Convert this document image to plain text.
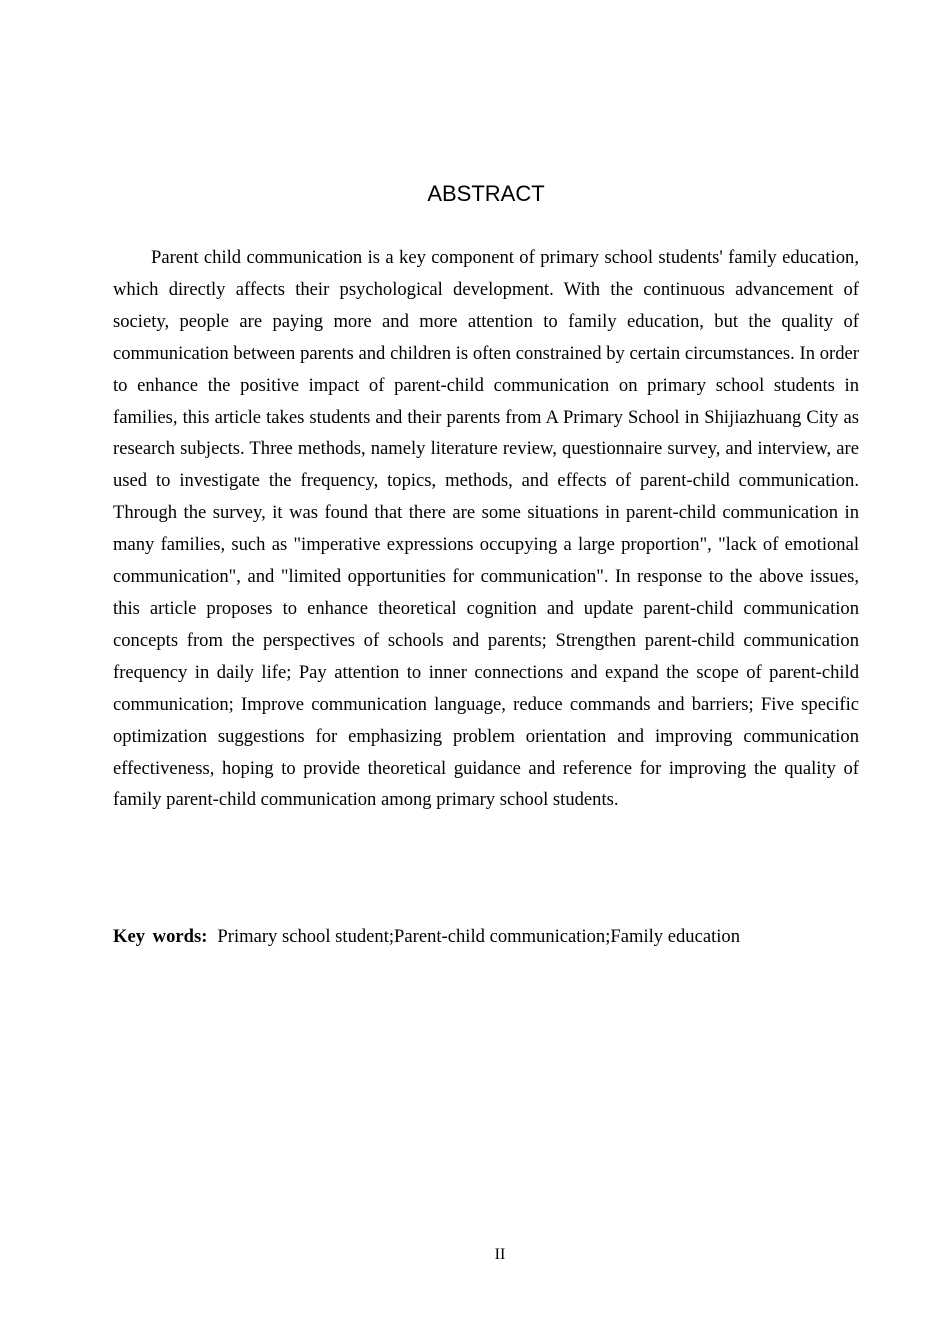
ABSTRACT

Parent child communication is a key component of primary school students' family education, which directly affects their psychological development. With the continuous advancement of society, people are paying more and more attention to family education, but the quality of communication between parents and children is often constrained by certain circumstances. In order to enhance the positive impact of parent-child communication on primary school students in families, this article takes students and their parents from A Primary School in Shijiazhuang City as research subjects. Three methods, namely literature review, questionnaire survey, and interview, are used to investigate the frequency, topics, methods, and effects of parent-child communication. Through the survey, it was found that there are some situations in parent-child communication in many families, such as "imperative expressions occupying a large proportion", "lack of emotional communication", and "limited opportunities for communication". In response to the above issues, this article proposes to enhance theoretical cognition and update parent-child communication concepts from the perspectives of schools and parents; Strengthen parent-child communication frequency in daily life; Pay attention to inner connections and expand the scope of parent-child communication; Improve communication language, reduce commands and barriers; Five specific optimization suggestions for emphasizing problem orientation and improving communication effectiveness, hoping to provide theoretical guidance and reference for improving the quality of family parent-child communication among primary school students.

Key words: Primary school student;Parent-child communication;Family education

II
